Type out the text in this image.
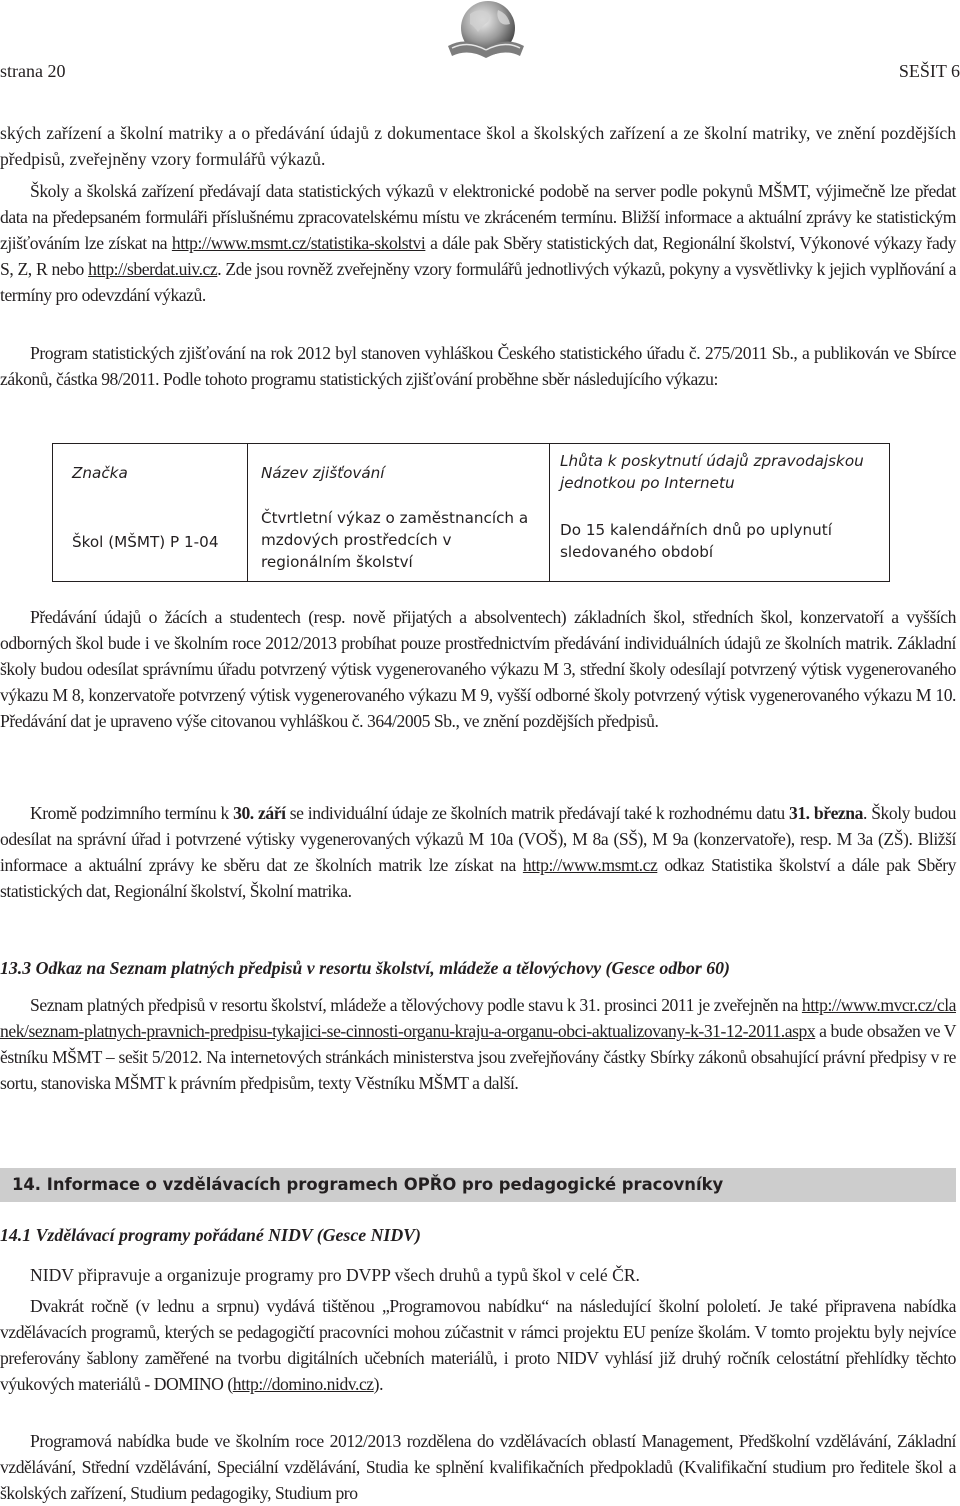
strana 20	SEŠIT 6

ských zařízení a školní matriky a o předávání údajů z dokumentace škol a školských zařízení a ze školní matriky, ve znění pozdějších předpisů, zveřejněny vzory formulářů výkazů.

Školy a školská zařízení předávají data statistických výkazů v elektronické podobě na server podle pokynů MŠMT, výjimečně lze předat data na předepsaném formuláři příslušnému zpracovatelskému místu ve zkráceném termínu. Bližší informace a aktuální zprávy ke statistickým zjišťováním lze získat na http://www.msmt.cz/statistika-skolstvi a dále pak Sběry statistických dat, Regionální školství, Výkonové výkazy řady S, Z, R nebo http://sberdat.uiv.cz. Zde jsou rovněž zveřejněny vzory formulářů jednotlivých výkazů, pokyny a vysvětlivky k jejich vyplňování a termíny pro odevzdání výkazů.

Program statistických zjišťování na rok 2012 byl stanoven vyhláškou Českého statistického úřadu č. 275/2011 Sb., a publikován ve Sbírce zákonů, částka 98/2011. Podle tohoto programu statistických zjišťování proběhne sběr následujícího výkazu:

Značka	Název zjišťování
Lhůta k poskytnutí údajů zpravodajskou jednotkou po Internetu
Škol (MŠMT) P 1-04
Čtvrtletní výkaz o zaměstnancích a mzdových prostředcích v regionálním školství
Do 15 kalendářních dnů po uplynutí sledovaného období

Předávání údajů o žácích a studentech (resp. nově přijatých a absolventech) základních škol, středních škol, konzervatoří a vyšších odborných škol bude i ve školním roce 2012/2013 probíhat pouze prostřednictvím předávání individuálních údajů ze školních matrik. Základní školy budou odesílat správnímu úřadu potvrzený výtisk vygenerovaného výkazu M 3, střední školy odesílají potvrzený výtisk vygenerovaného výkazu M 8, konzervatoře potvrzený výtisk vygenerovaného výkazu M 9, vyšší odborné školy potvrzený výtisk vygenerovaného výkazu M 10. Předávání dat je upraveno výše citovanou vyhláškou č. 364/2005 Sb., ve znění pozdějších předpisů.

Kromě podzimního termínu k 30. září se individuální údaje ze školních matrik předávají také k rozhodnému datu 31. března. Školy budou odesílat na správní úřad i potvrzené výtisky vygenerovaných výkazů M 10a (VOŠ), M 8a (SŠ), M 9a (konzervatoře), resp. M 3a (ZŠ). Bližší informace a aktuální zprávy ke sběru dat ze školních matrik lze získat na http://www.msmt.cz odkaz Statistika školství a dále pak Sběry statistických dat, Regionální školství, Školní matrika.

13.3 Odkaz na Seznam platných předpisů v resortu školství, mládeže a tělovýchovy (Gesce odbor 60)

Seznam platných předpisů v resortu školství, mládeže a tělovýchovy podle stavu k 31. prosinci 2011 je zveřejněn na http://www.mvcr.cz/clanek/seznam-platnych-pravnich-predpisu-tykajici-se-cinnosti-organu-kraju-a-organu-obci-aktualizovany-k-31-12-2011.aspx a bude obsažen ve Věstníku MŠMT – sešit 5/2012. Na internetových stránkách ministerstva jsou zveřejňovány částky Sbírky zákonů obsahující právní předpisy v resortu, stanoviska MŠMT k právním předpisům, texty Věstníku MŠMT a další.

14. Informace o vzdělávacích programech OPŘO pro pedagogické pracovníky
14.1 Vzdělávací programy pořádané NIDV (Gesce NIDV)

NIDV připravuje a organizuje programy pro DVPP všech druhů a typů škol v celé ČR.

Dvakrát ročně (v lednu a srpnu) vydává tištěnou „Programovou nabídku“ na následující školní pololetí. Je také připravena nabídka vzdělávacích programů, kterých se pedagogičtí pracovníci mohou zúčastnit v rámci projektu EU peníze školám. V tomto projektu byly nejvíce preferovány šablony zaměřené na tvorbu digitálních učebních materiálů, i proto NIDV vyhlásí již druhý ročník celostátní přehlídky těchto výukových materiálů - DOMINO (http://domino.nidv.cz).

Programová nabídka bude ve školním roce 2012/2013 rozdělena do vzdělávacích oblastí Management, Předškolní vzdělávání, Základní vzdělávání, Střední vzdělávání, Speciální vzdělávání, Studia ke splnění kvalifikačních předpokladů (Kvalifikační studium pro ředitele škol a školských zařízení, Studium pedagogiky, Studium pro
